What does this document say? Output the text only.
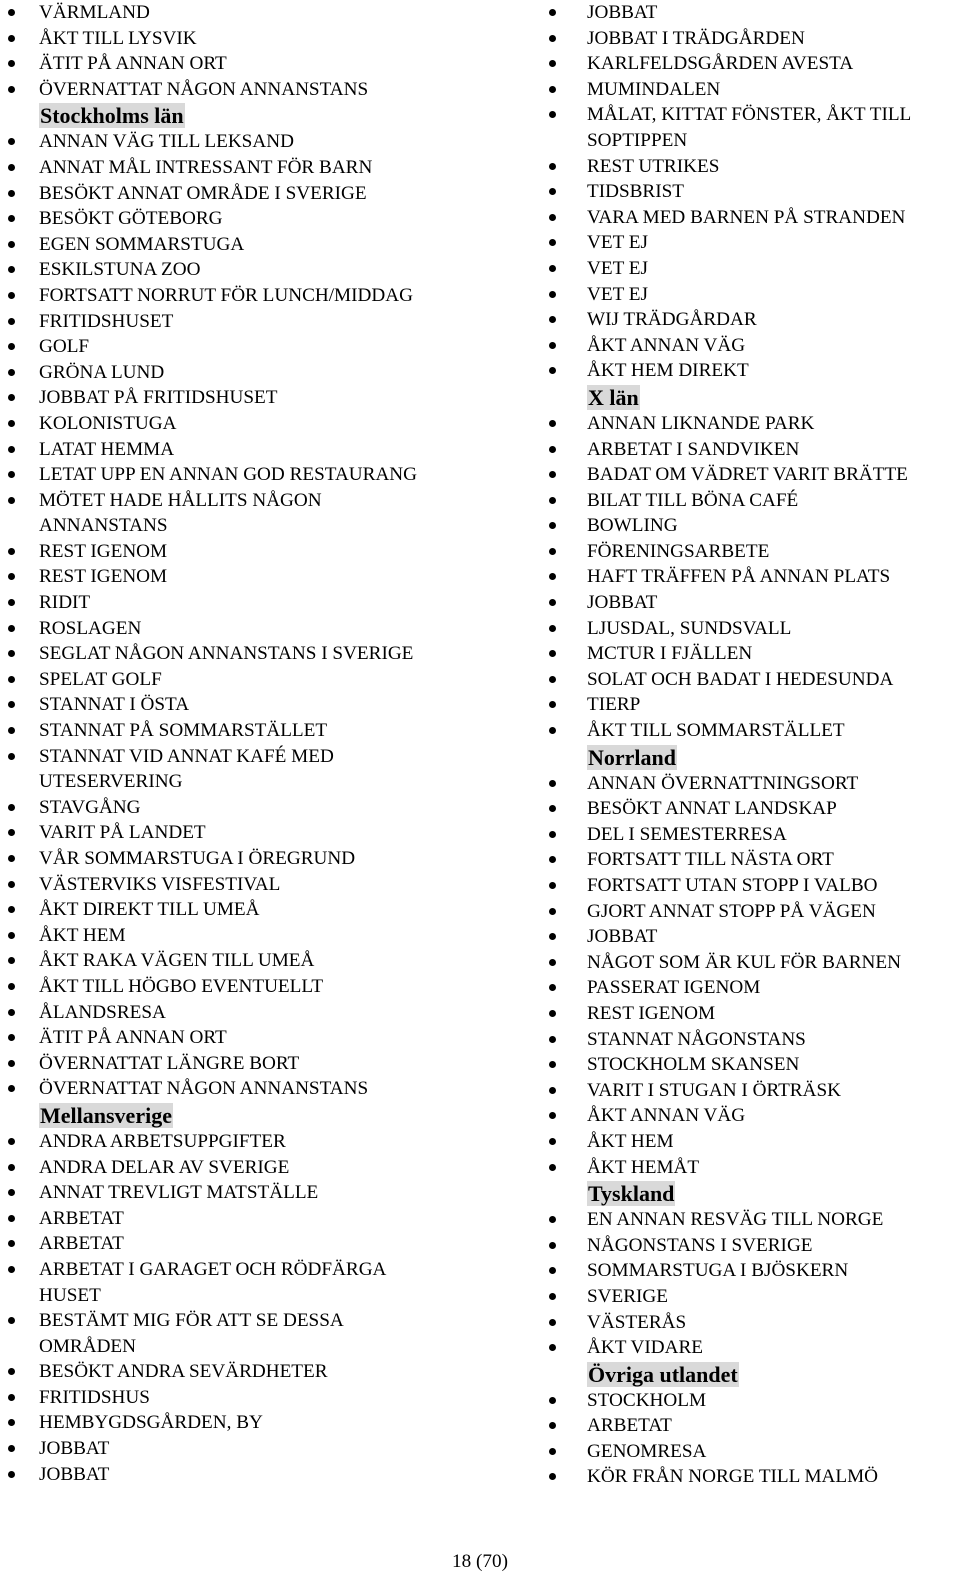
VÄRMLAND
ÅKT TILL LYSVIK
ÄTIT PÅ ANNAN ORT
ÖVERNATTAT NÅGON ANNANSTANS
Stockholms län
ANNAN VÄG TILL LEKSAND
ANNAT MÅL INTRESSANT FÖR BARN
BESÖKT ANNAT OMRÅDE I SVERIGE
BESÖKT GÖTEBORG
EGEN SOMMARSTUGA
ESKILSTUNA ZOO
FORTSATT NORRUT FÖR LUNCH/MIDDAG
FRITIDSHUSET
GOLF
GRÖNA LUND
JOBBAT PÅ FRITIDSHUSET
KOLONISTUGA
LATAT HEMMA
LETAT UPP EN ANNAN GOD RESTAURANG
MÖTET HADE HÅLLITS NÅGON
ANNANSTANS
REST IGENOM
REST IGENOM
RIDIT
ROSLAGEN
SEGLAT NÅGON ANNANSTANS I SVERIGE
SPELAT GOLF
STANNAT I ÖSTA
STANNAT PÅ SOMMARSTÄLLET
STANNAT VID ANNAT KAFÉ MED
UTESERVERING
STAVGÅNG
VARIT PÅ LANDET
VÅR SOMMARSTUGA I ÖREGRUND
VÄSTERVIKS VISFESTIVAL
ÅKT DIREKT TILL UMEÅ
ÅKT HEM
ÅKT RAKA VÄGEN TILL UMEÅ
ÅKT TILL HÖGBO EVENTUELLT
ÅLANDSRESA
ÄTIT PÅ ANNAN ORT
ÖVERNATTAT LÄNGRE BORT
ÖVERNATTAT NÅGON ANNANSTANS
Mellansverige
ANDRA ARBETSUPPGIFTER
ANDRA DELAR AV SVERIGE
ANNAT TREVLIGT MATSTÄLLE
ARBETAT
ARBETAT
ARBETAT I GARAGET OCH RÖDFÄRGA
HUSET
BESTÄMT MIG FÖR ATT SE DESSA
OMRÅDEN
BESÖKT ANDRA SEVÄRDHETER
FRITIDSHUS
HEMBYGDSGÅRDEN, BY
JOBBAT
JOBBAT
JOBBAT
JOBBAT I TRÄDGÅRDEN
KARLFELDSGÅRDEN AVESTA
MUMINDALEN
MÅLAT, KITTAT FÖNSTER, ÅKT TILL
SOPTIPPEN
REST UTRIKES
TIDSBRIST
VARA MED BARNEN PÅ STRANDEN
VET EJ
VET EJ
VET EJ
WIJ TRÄDGÅRDAR
ÅKT ANNAN VÄG
ÅKT HEM DIREKT
X län
ANNAN LIKNANDE PARK
ARBETAT I SANDVIKEN
BADAT OM VÄDRET VARIT BRÄTTE
BILAT TILL BÖNA CAFÉ
BOWLING
FÖRENINGSARBETE
HAFT TRÄFFEN PÅ ANNAN PLATS
JOBBAT
LJUSDAL, SUNDSVALL
MCTUR I FJÄLLEN
SOLAT OCH BADAT I HEDESUNDA
TIERP
ÅKT TILL SOMMARSTÄLLET
Norrland
ANNAN ÖVERNATTNINGSORT
BESÖKT ANNAT LANDSKAP
DEL I SEMESTERRESA
FORTSATT TILL NÄSTA ORT
FORTSATT UTAN STOPP I VALBO
GJORT ANNAT STOPP PÅ VÄGEN
JOBBAT
NÅGOT SOM ÄR KUL FÖR BARNEN
PASSERAT IGENOM
REST IGENOM
STANNAT NÅGONSTANS
STOCKHOLM SKANSEN
VARIT I STUGAN I ÖRTRÄSK
ÅKT ANNAN VÄG
ÅKT HEM
ÅKT HEMÅT
Tyskland
EN ANNAN RESVÄG TILL NORGE
NÅGONSTANS I SVERIGE
SOMMARSTUGA I BJÖSKERN
SVERIGE
VÄSTERÅS
ÅKT VIDARE
Övriga utlandet
STOCKHOLM
ARBETAT
GENOMRESA
KÖR FRÅN NORGE TILL MALMÖ
18 (70)
